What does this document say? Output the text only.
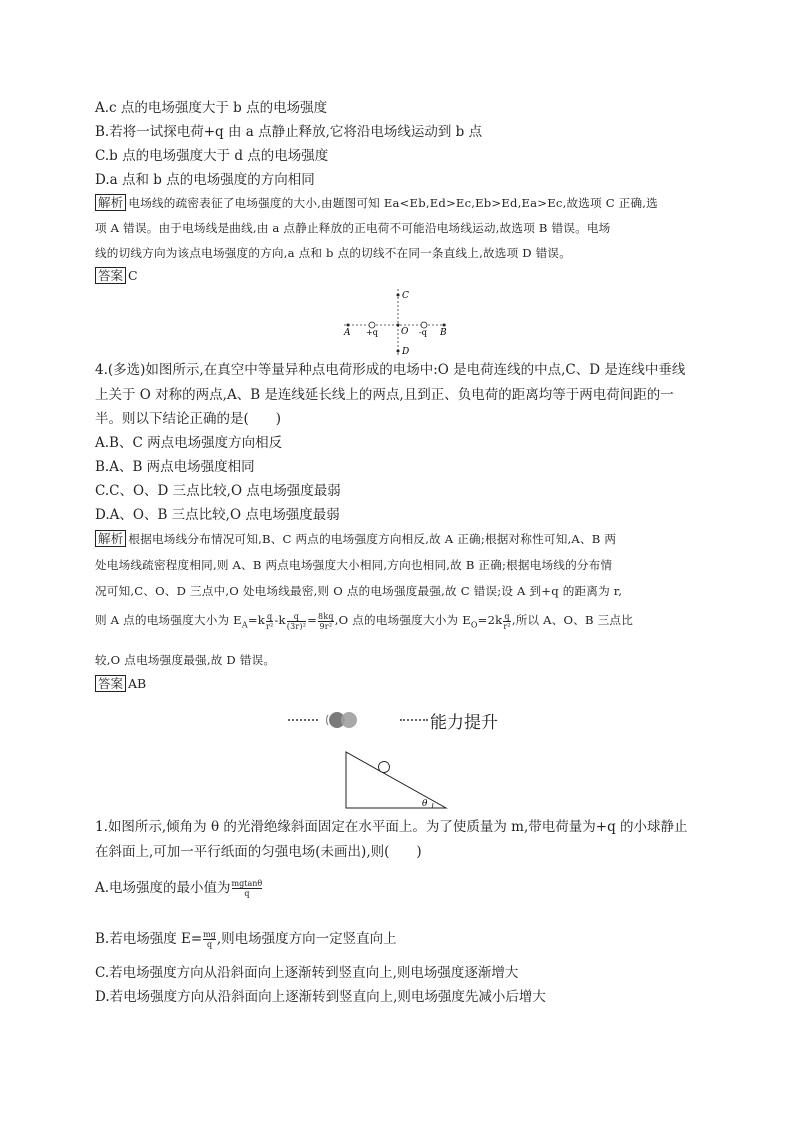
A.c 点的电场强度大于 b 点的电场强度
B.若将一试探电荷+q 由 a 点静止释放,它将沿电场线运动到 b 点
C.b 点的电场强度大于 d 点的电场强度
D.a 点和 b 点的电场强度的方向相同
解析 电场线的疏密表征了电场强度的大小,由题图可知 Ea<Eb,Ed>Ec,Eb>Ed,Ea>Ec,故选项 C 正确,选
项 A 错误。由于电场线是曲线,由 a 点静止释放的正电荷不可能沿电场线运动,故选项 B 错误。电场
线的切线方向为该点电场强度的方向,a 点和 b 点的切线不在同一条直线上,故选项 D 错误。
答案 C
A +q	O -q B
C
D
4.(多选)如图所示,在真空中等量异种点电荷形成的电场中:O 是电荷连线的中点,C、D 是连线中垂线
上关于 O 对称的两点,A、B 是连线延长线上的两点,且到正、负电荷的距离均等于两电荷间距的一
半。则以下结论正确的是(　　)
A.B、C 两点电场强度方向相反
B.A、B 两点电场强度相同
C.C、O、D 三点比较,O 点电场强度最弱
D.A、O、B 三点比较,O 点电场强度最弱
解析 根据电场线分布情况可知,B、C 两点的电场强度方向相反,故 A 正确;根据对称性可知,A、B 两
处电场线疏密程度相同,则 A、B 两点电场强度大小相同,方向也相同,故 B 正确;根据电场线的分布情
况可知,C、O、D 三点中,O 处电场线最密,则 O 点的电场强度最强,故 C 错误;设 A 到+q 的距离为 r,
则 A 点的电场强度大小为 $E_A=k \frac{q}{\text{r²}} -k \frac{q}{\text{(3r)²}} = \frac{8kq}{\text{9r²}} ,O$ 点的电场强度大小为 $E_O=2k \frac{q}{\text{r²}}$ ,所以 A、O、B 三点比
较,O 点电场强度最强,故 D 错误。
答案 AB
能力提升
θ
1.如图所示,倾角为 θ 的光滑绝缘斜面固定在水平面上。为了使质量为 m,带电荷量为+q 的小球静止
在斜面上,可加一平行纸面的匀强电场(未画出),则(　　)
A.电场强度的最小值为 $\frac{mgtan\theta}{q}$
B.若电场强度 $E= \frac{mg}{q}$ ,则电场强度方向一定竖直向上
C.若电场强度方向从沿斜面向上逐渐转到竖直向上,则电场强度逐渐增大
D.若电场强度方向从沿斜面向上逐渐转到竖直向上,则电场强度先减小后增大
